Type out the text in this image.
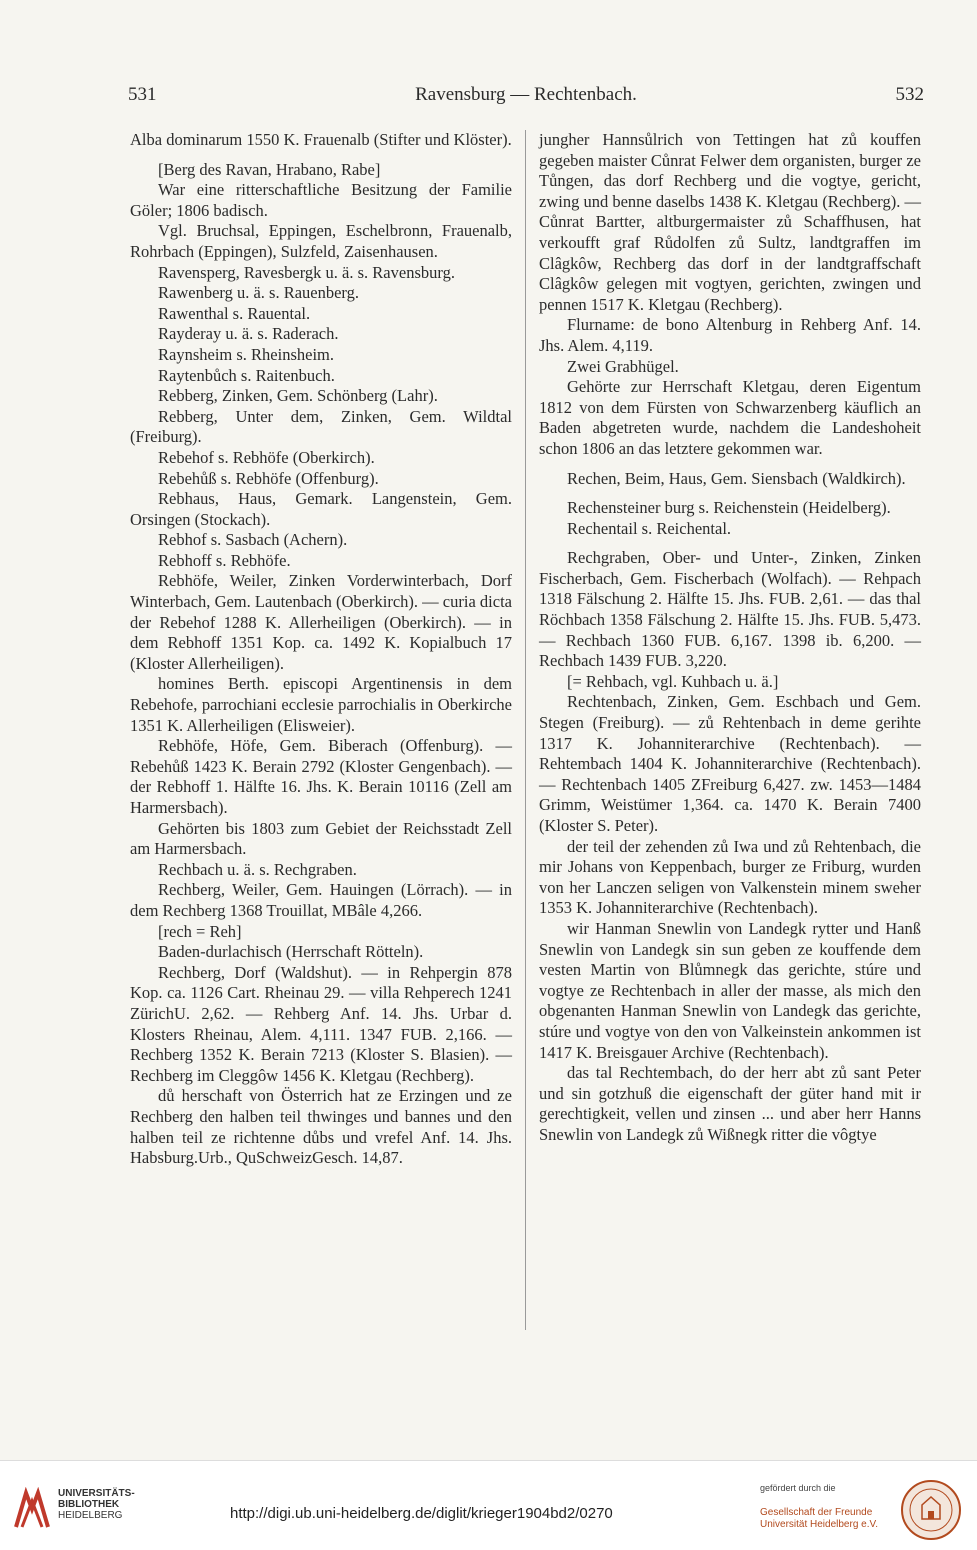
531	Ravensburg — Rechtenbach.	532

Alba dominarum 1550 K. Frauenalb (Stifter und Klöster).

[Berg des Ravan, Hrabano, Rabe]

War eine ritterschaftliche Besitzung der Familie Göler; 1806 badisch.

Vgl. Bruchsal, Eppingen, Eschelbronn, Frauenalb, Rohrbach (Eppingen), Sulzfeld, Zaisenhausen.

Ravensperg, Ravesbergk u. ä. s. Ravensburg.

Rawenberg u. ä. s. Rauenberg.

Rawenthal s. Rauental.

Rayderay u. ä. s. Raderach.

Raynsheim s. Rheinsheim.

Raytenbůch s. Raitenbuch.

Rebberg, Zinken, Gem. Schönberg (Lahr).

Rebberg, Unter dem, Zinken, Gem. Wildtal (Freiburg).

Rebehof s. Rebhöfe (Oberkirch).

Rebehůß s. Rebhöfe (Offenburg).

Rebhaus, Haus, Gemark. Langenstein, Gem. Orsingen (Stockach).

Rebhof s. Sasbach (Achern).

Rebhoff s. Rebhöfe.

Rebhöfe, Weiler, Zinken Vorderwinterbach, Dorf Winterbach, Gem. Lautenbach (Oberkirch). — curia dicta der Rebehof 1288 K. Allerheiligen (Oberkirch). — in dem Rebhoff 1351 Kop. ca. 1492 K. Kopialbuch 17 (Kloster Allerheiligen).

homines Berth. episcopi Argentinensis in dem Rebehofe, parrochiani ecclesie parrochialis in Oberkirche 1351 K. Allerheiligen (Elisweier).

Rebhöfe, Höfe, Gem. Biberach (Offenburg). — Rebehůß 1423 K. Berain 2792 (Kloster Gengenbach). — der Rebhoff 1. Hälfte 16. Jhs. K. Berain 10116 (Zell am Harmersbach).

Gehörten bis 1803 zum Gebiet der Reichsstadt Zell am Harmersbach.

Rechbach u. ä. s. Rechgraben.

Rechberg, Weiler, Gem. Hauingen (Lörrach). — in dem Rechberg 1368 Trouillat, MBâle 4,266.

[rech = Reh]

Baden-durlachisch (Herrschaft Rötteln).

Rechberg, Dorf (Waldshut). — in Rehpergin 878 Kop. ca. 1126 Cart. Rheinau 29. — villa Rehperech 1241 ZürichU. 2,62. — Rehberg Anf. 14. Jhs. Urbar d. Klosters Rheinau, Alem. 4,111. 1347 FUB. 2,166. — Rechberg 1352 K. Berain 7213 (Kloster S. Blasien). — Rechberg im Cleggôw 1456 K. Kletgau (Rechberg).

dů herschaft von Österrich hat ze Erzingen und ze Rechberg den halben teil thwinges und bannes und den halben teil ze richtenne důbs und vrefel Anf. 14. Jhs. Habsburg.Urb., QuSchweizGesch. 14,87.

jungher Hannsůlrich von Tettingen hat zů kouffen gegeben maister Cůnrat Felwer dem organisten, burger ze Tůngen, das dorf Rechberg und die vogtye, gericht, zwing und benne daselbs 1438 K. Kletgau (Rechberg). — Cůnrat Bartter, altburgermaister zů Schaffhusen, hat verkoufft graf Růdolfen zů Sultz, landtgraffen im Clâgkôw, Rechberg das dorf in der landtgraffschaft Clâgkôw gelegen mit vogtyen, gerichten, zwingen und pennen 1517 K. Kletgau (Rechberg).

Flurname: de bono Altenburg in Rehberg Anf. 14. Jhs. Alem. 4,119.

Zwei Grabhügel.

Gehörte zur Herrschaft Kletgau, deren Eigentum 1812 von dem Fürsten von Schwarzenberg käuflich an Baden abgetreten wurde, nachdem die Landeshoheit schon 1806 an das letztere gekommen war.

Rechen, Beim, Haus, Gem. Siensbach (Waldkirch).

Rechensteiner burg s. Reichenstein (Heidelberg).

Rechentail s. Reichental.

Rechgraben, Ober- und Unter-, Zinken, Zinken Fischerbach, Gem. Fischerbach (Wolfach). — Rehpach 1318 Fälschung 2. Hälfte 15. Jhs. FUB. 2,61. — das thal Röchbach 1358 Fälschung 2. Hälfte 15. Jhs. FUB. 5,473. — Rechbach 1360 FUB. 6,167. 1398 ib. 6,200. — Rechbach 1439 FUB. 3,220.

[= Rehbach, vgl. Kuhbach u. ä.]

Rechtenbach, Zinken, Gem. Eschbach und Gem. Stegen (Freiburg). — zů Rehtenbach in deme gerihte 1317 K. Johanniterarchive (Rechtenbach). — Rehtembach 1404 K. Johanniterarchive (Rechtenbach). — Rechtenbach 1405 ZFreiburg 6,427. zw. 1453—1484 Grimm, Weistümer 1,364. ca. 1470 K. Berain 7400 (Kloster S. Peter).

der teil der zehenden zů Iwa und zů Rehtenbach, die mir Johans von Keppenbach, burger ze Friburg, wurden von her Lanczen seligen von Valkenstein minem sweher 1353 K. Johanniterarchive (Rechtenbach).

wir Hanman Snewlin von Landegk rytter und Hanß Snewlin von Landegk sin sun geben ze kouffende dem vesten Martin von Blůmnegk das gerichte, stúre und vogtye ze Rechtenbach in aller der masse, als mich den obgenanten Hanman Snewlin von Landegk das gerichte, stúre und vogtye von den von Valkeinstein ankommen ist 1417 K. Breisgauer Archive (Rechtenbach).

das tal Rechtembach, do der herr abt zů sant Peter und sin gotzhuß die eigenschaft der güter hand mit ir gerechtigkeit, vellen und zinsen ... und aber herr Hanns Snewlin von Landegk zů Wißnegk ritter die vôgtye

UNIVERSITÄTS-
BIBLIOTHEK
HEIDELBERG	http://digi.ub.uni-heidelberg.de/diglit/krieger1904bd2/0270
gefördert durch die
Gesellschaft der Freunde
Universität Heidelberg e.V.
